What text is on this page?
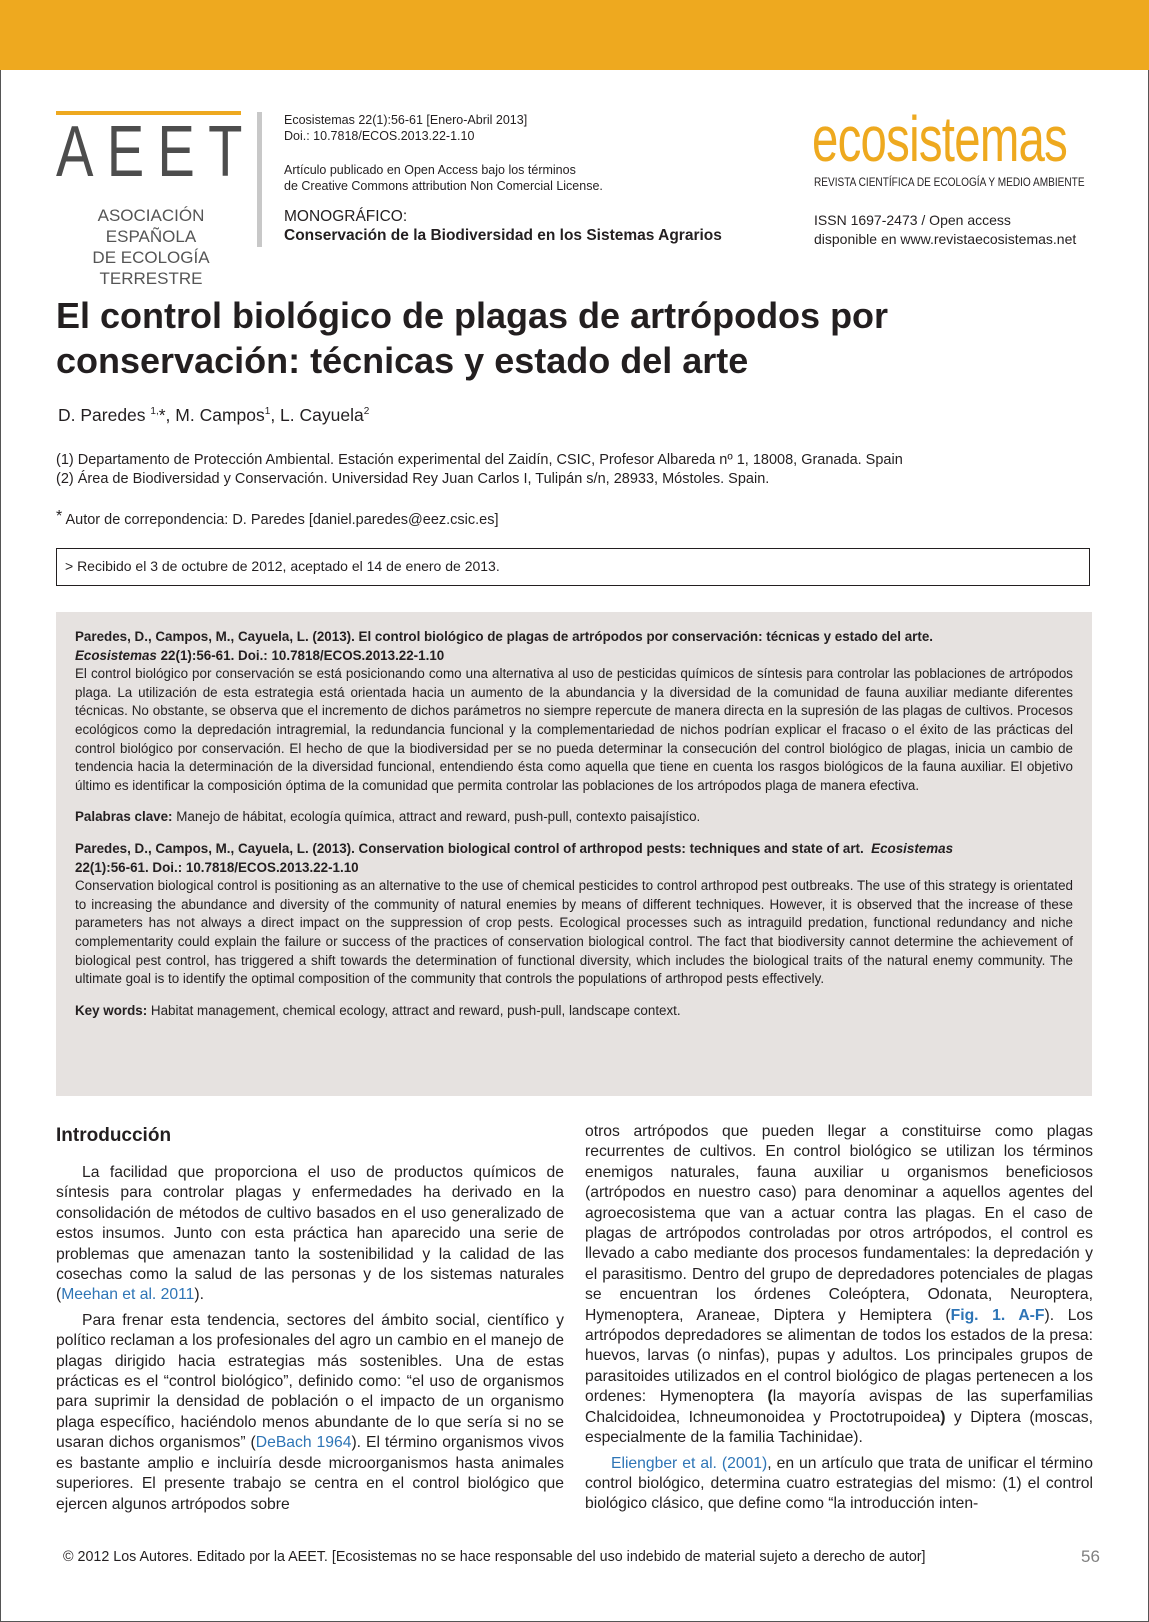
AEET
ASOCIACIÓN ESPAÑOLA
DE ECOLOGÍA TERRESTRE
Ecosistemas 22(1):56-61 [Enero-Abril 2013]
Doi.: 10.7818/ECOS.2013.22-1.10
Artículo publicado en Open Access bajo los términos
de Creative Commons attribution Non Comercial License.
MONOGRÁFICO:
Conservación de la Biodiversidad en los Sistemas Agrarios
ecosistemas
REVISTA CIENTÍFICA DE ECOLOGÍA Y MEDIO AMBIENTE
ISSN 1697-2473 / Open access
disponible en www.revistaecosistemas.net
El control biológico de plagas de artrópodos por
conservación: técnicas y estado del arte
D. Paredes $^{1,}$*, M. Campos$^1$, L. Cayuela$^2$
(1) Departamento de Protección Ambiental. Estación experimental del Zaidín, CSIC, Profesor Albareda nº 1, 18008, Granada. Spain
(2) Área de Biodiversidad y Conservación. Universidad Rey Juan Carlos I, Tulipán s/n, 28933, Móstoles. Spain.
* Autor de correpondencia: D. Paredes [daniel.paredes@eez.csic.es]
> Recibido el 3 de octubre de 2012, aceptado el 14 de enero de 2013.

Paredes, D., Campos, M., Cayuela, L. (2013). El control biológico de plagas de artrópodos por conservación: técnicas y estado del arte.
Ecosistemas 22(1):56-61. Doi.: 10.7818/ECOS.2013.22-1.10
El control biológico por conservación se está posicionando como una alternativa al uso de pesticidas químicos de síntesis para controlar las poblaciones de artrópodos plaga. La utilización de esta estrategia está orientada hacia un aumento de la abundancia y la diversidad de la comunidad de fauna auxiliar mediante diferentes técnicas. No obstante, se observa que el incremento de dichos parámetros no siempre repercute de manera directa en la supresión de las plagas de cultivos. Procesos ecológicos como la depredación intragremial, la redundancia funcional y la complementariedad de nichos podrían explicar el fracaso o el éxito de las prácticas del control biológico por conservación. El hecho de que la biodiversidad per se no pueda determinar la consecución del control biológico de plagas, inicia un cambio de tendencia hacia la determinación de la diversidad funcional, entendiendo ésta como aquella que tiene en cuenta los rasgos biológicos de la fauna auxiliar. El objetivo último es identificar la composición óptima de la comunidad que permita controlar las poblaciones de los artrópodos plaga de manera efectiva.

Palabras clave: Manejo de hábitat, ecología química, attract and reward, push-pull, contexto paisajístico.

Paredes, D., Campos, M., Cayuela, L. (2013). Conservation biological control of arthropod pests: techniques and state of art. Ecosistemas
22(1):56-61. Doi.: 10.7818/ECOS.2013.22-1.10
Conservation biological control is positioning as an alternative to the use of chemical pesticides to control arthropod pest outbreaks. The use of this strategy is orientated to increasing the abundance and diversity of the community of natural enemies by means of different techniques. However, it is observed that the increase of these parameters has not always a direct impact on the suppression of crop pests. Ecological processes such as intraguild predation, functional redundancy and niche complementarity could explain the failure or success of the practices of conservation biological control. The fact that biodiversity cannot determine the achievement of biological pest control, has triggered a shift towards the determination of functional diversity, which includes the biological traits of the natural enemy community. The ultimate goal is to identify the optimal composition of the community that controls the populations of arthropod pests effectively.

Key words: Habitat management, chemical ecology, attract and reward, push-pull, landscape context.

Introducción

La facilidad que proporciona el uso de productos químicos de síntesis para controlar plagas y enfermedades ha derivado en la consolidación de métodos de cultivo basados en el uso generalizado de estos insumos. Junto con esta práctica han aparecido una serie de problemas que amenazan tanto la sostenibilidad y la calidad de las cosechas como la salud de las personas y de los sistemas naturales (Meehan et al. 2011).

Para frenar esta tendencia, sectores del ámbito social, científico y político reclaman a los profesionales del agro un cambio en el manejo de plagas dirigido hacia estrategias más sostenibles. Una de estas prácticas es el “control biológico”, definido como: “el uso de organismos para suprimir la densidad de población o el impacto de un organismo plaga específico, haciéndolo menos abundante de lo que sería si no se usaran dichos organismos” (DeBach 1964). El término organismos vivos es bastante amplio e incluiría desde microorganismos hasta animales superiores. El presente trabajo se centra en el control biológico que ejercen algunos artrópodos sobre

otros artrópodos que pueden llegar a constituirse como plagas recurrentes de cultivos. En control biológico se utilizan los términos enemigos naturales, fauna auxiliar u organismos beneficiosos (artrópodos en nuestro caso) para denominar a aquellos agentes del agroecosistema que van a actuar contra las plagas. En el caso de plagas de artrópodos controladas por otros artrópodos, el control es llevado a cabo mediante dos procesos fundamentales: la depredación y el parasitismo. Dentro del grupo de depredadores potenciales de plagas se encuentran los órdenes Coleóptera, Odonata, Neuroptera, Hymenoptera, Araneae, Diptera y Hemiptera (Fig. 1. A-F). Los artrópodos depredadores se alimentan de todos los estados de la presa: huevos, larvas (o ninfas), pupas y adultos. Los principales grupos de parasitoides utilizados en el control biológico de plagas pertenecen a los ordenes: Hymenoptera (la mayoría avispas de las superfamilias Chalcidoidea, Ichneumonoidea y Proctotrupoidea) y Diptera (moscas, especialmente de la familia Tachinidae).

Eliengber et al. (2001), en un artículo que trata de unificar el término control biológico, determina cuatro estrategias del mismo: (1) el control biológico clásico, que define como “la introducción inten-

© 2012 Los Autores. Editado por la AEET. [Ecosistemas no se hace responsable del uso indebido de material sujeto a derecho de autor]	56
